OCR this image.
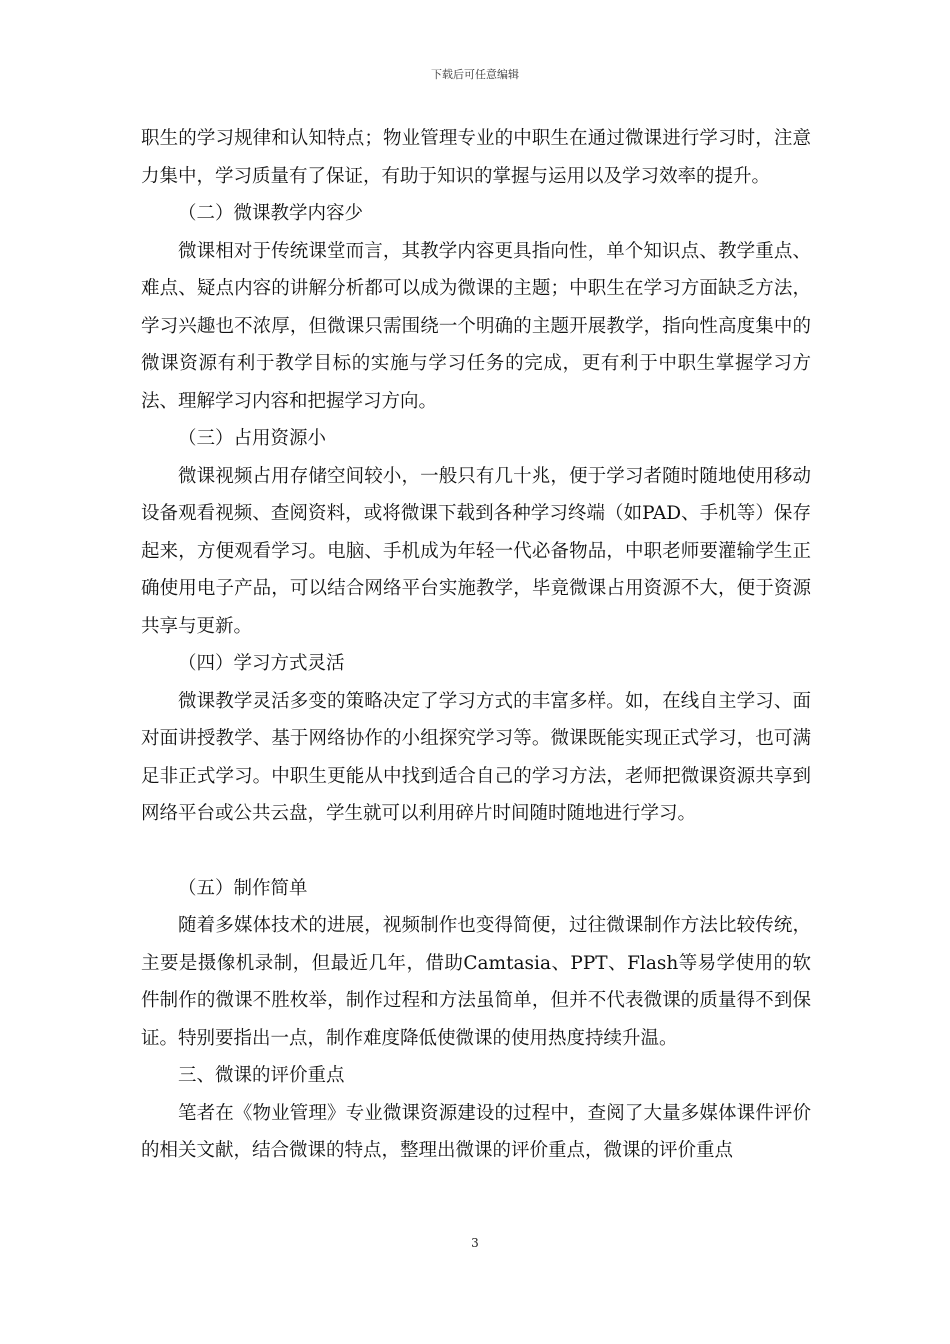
下载后可任意编辑

职生的学习规律和认知特点；物业管理专业的中职生在通过微课进行学习时，注意力集中，学习质量有了保证，有助于知识的掌握与运用以及学习效率的提升。

（二）微课教学内容少

微课相对于传统课堂而言，其教学内容更具指向性，单个知识点、教学重点、难点、疑点内容的讲解分析都可以成为微课的主题；中职生在学习方面缺乏方法，学习兴趣也不浓厚，但微课只需围绕一个明确的主题开展教学，指向性高度集中的微课资源有利于教学目标的实施与学习任务的完成，更有利于中职生掌握学习方法、理解学习内容和把握学习方向。

（三）占用资源小

微课视频占用存储空间较小，一般只有几十兆，便于学习者随时随地使用移动设备观看视频、查阅资料，或将微课下载到各种学习终端（如PAD、手机等）保存起来，方便观看学习。电脑、手机成为年轻一代必备物品，中职老师要灌输学生正确使用电子产品，可以结合网络平台实施教学，毕竟微课占用资源不大，便于资源共享与更新。

（四）学习方式灵活

微课教学灵活多变的策略决定了学习方式的丰富多样。如，在线自主学习、面对面讲授教学、基于网络协作的小组探究学习等。微课既能实现正式学习，也可满足非正式学习。中职生更能从中找到适合自己的学习方法，老师把微课资源共享到网络平台或公共云盘，学生就可以利用碎片时间随时随地进行学习。

（五）制作简单

随着多媒体技术的进展，视频制作也变得简便，过往微课制作方法比较传统，主要是摄像机录制，但最近几年，借助Camtasia、PPT、Flash等易学使用的软件制作的微课不胜枚举，制作过程和方法虽简单，但并不代表微课的质量得不到保证。特别要指出一点，制作难度降低使微课的使用热度持续升温。

三、微课的评价重点

笔者在《物业管理》专业微课资源建设的过程中，查阅了大量多媒体课件评价的相关文献，结合微课的特点，整理出微课的评价重点，微课的评价重点

3
